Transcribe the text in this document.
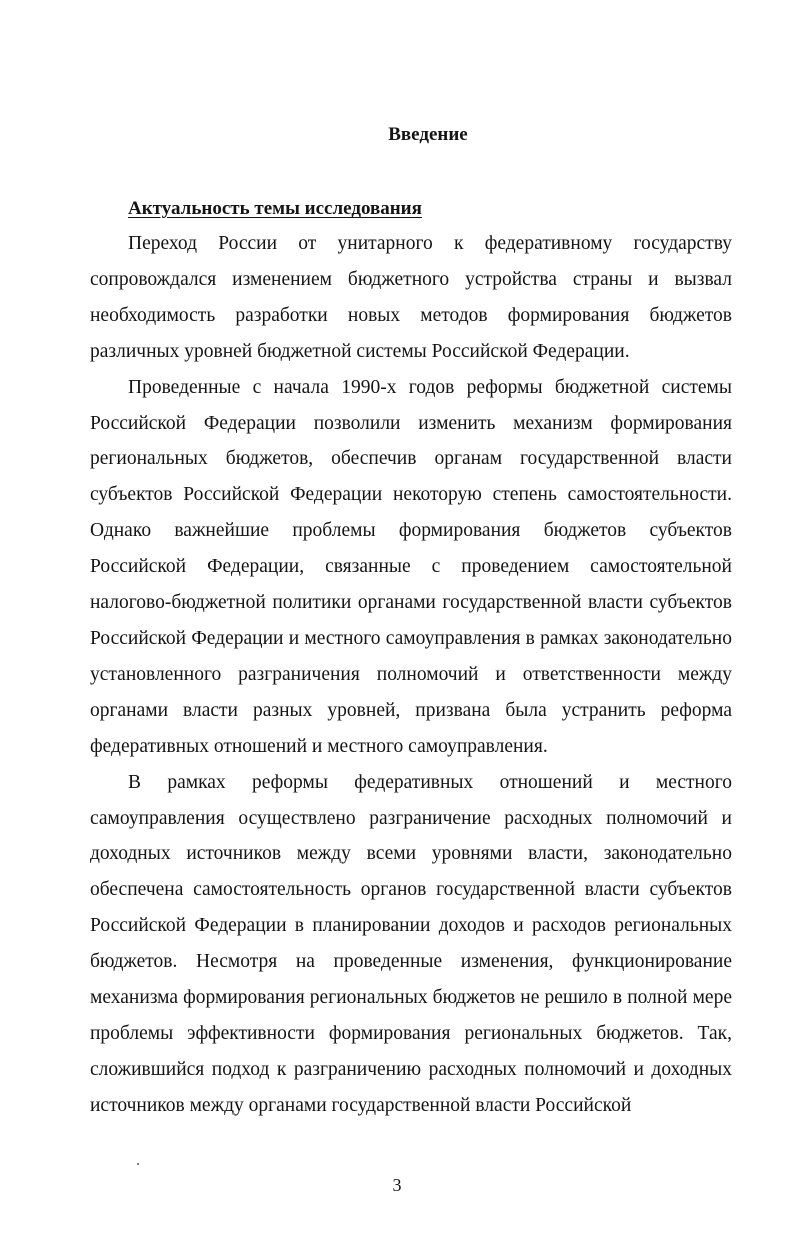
Введение
Актуальность темы исследования

Переход России от унитарного к федеративному государству сопровождался изменением бюджетного устройства страны и вызвал необходимость разработки новых методов формирования бюджетов различных уровней бюджетной системы Российской Федерации.

Проведенные с начала 1990-х годов реформы бюджетной системы Российской Федерации позволили изменить механизм формирования региональных бюджетов, обеспечив органам государственной власти субъектов Российской Федерации некоторую степень самостоятельности. Однако важнейшие проблемы формирования бюджетов субъектов Российской Федерации, связанные с проведением самостоятельной налогово-бюджетной политики органами государственной власти субъектов Российской Федерации и местного самоуправления в рамках законодательно установленного разграничения полномочий и ответственности между органами власти разных уровней, призвана была устранить реформа федеративных отношений и местного самоуправления.

В рамках реформы федеративных отношений и местного самоуправления осуществлено разграничение расходных полномочий и доходных источников между всеми уровнями власти, законодательно обеспечена самостоятельность органов государственной власти субъектов Российской Федерации в планировании доходов и расходов региональных бюджетов. Несмотря на проведенные изменения, функционирование механизма формирования региональных бюджетов не решило в полной мере проблемы эффективности формирования региональных бюджетов. Так, сложившийся подход к разграничению расходных полномочий и доходных источников между органами государственной власти Российской

3
